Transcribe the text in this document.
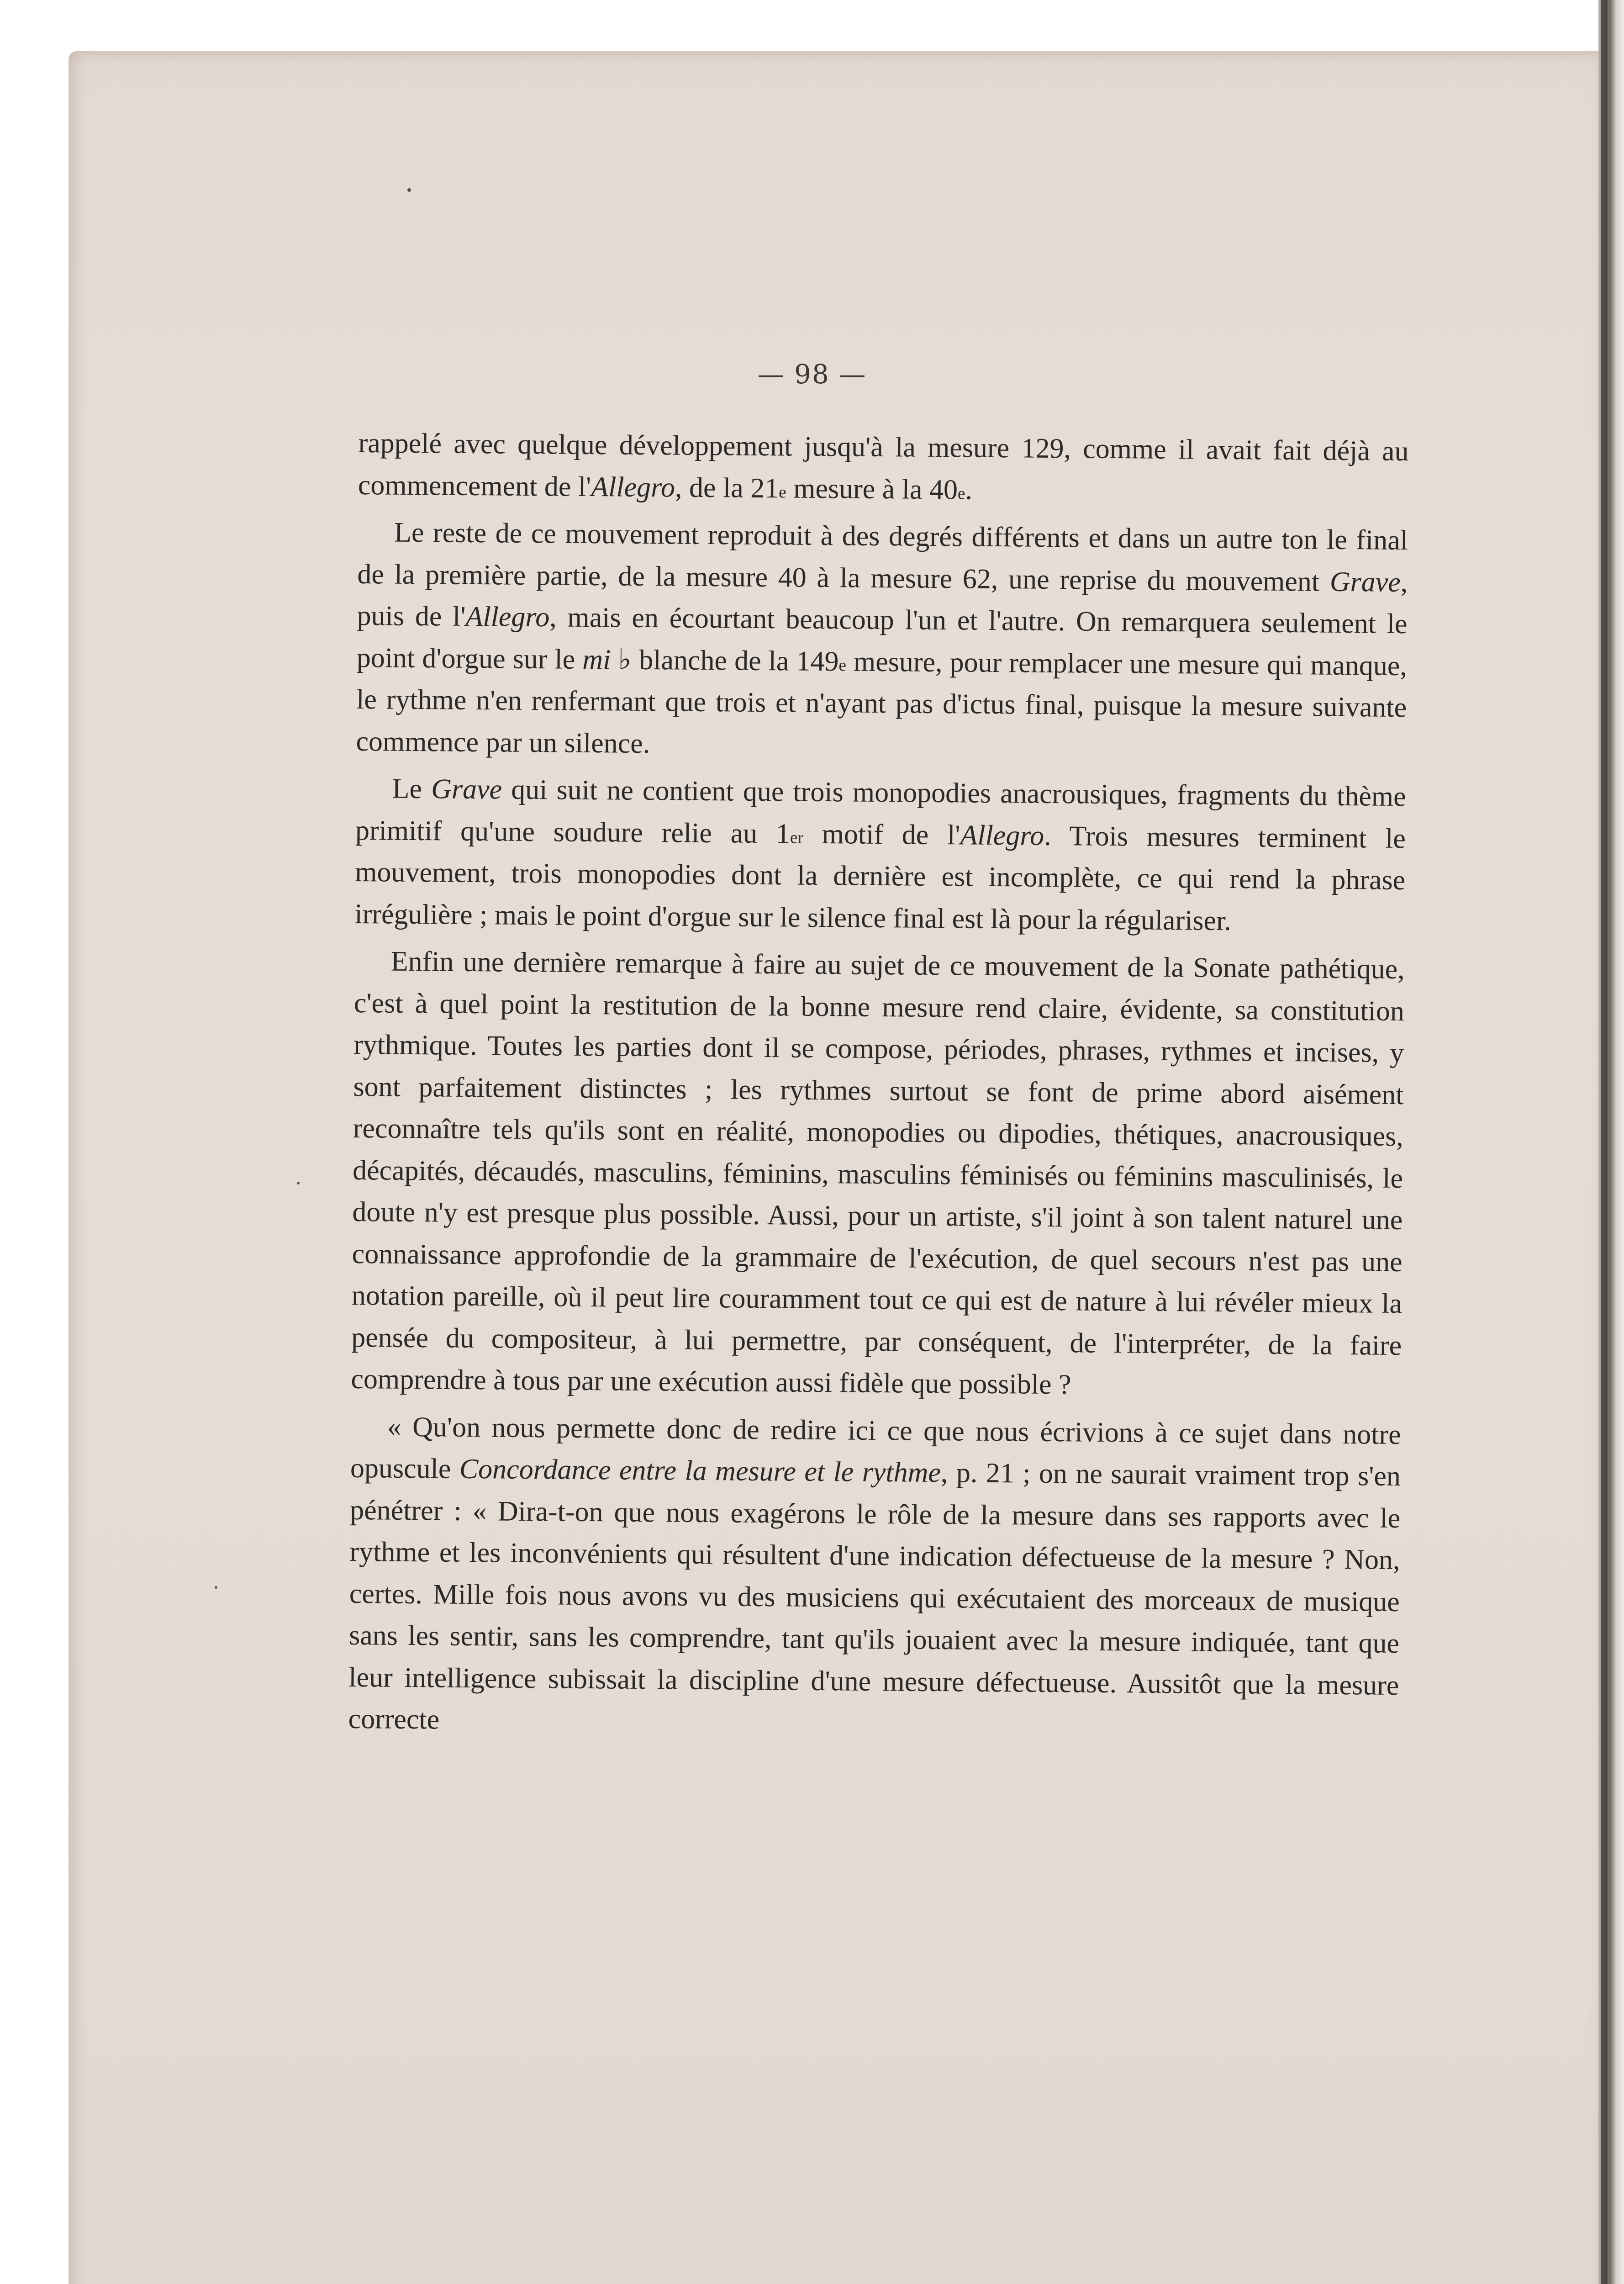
— 98 —

rappelé avec quelque développement jusqu'à la mesure 129, comme il avait fait déjà au commencement de l'Allegro, de la 21e mesure à la 40e.

Le reste de ce mouvement reproduit à des degrés différents et dans un autre ton le final de la première partie, de la mesure 40 à la mesure 62, une reprise du mouvement Grave, puis de l'Allegro, mais en écourtant beaucoup l'un et l'autre. On remarquera seulement le point d'orgue sur le mi ♭ blanche de la 149e mesure, pour remplacer une mesure qui manque, le rythme n'en renfermant que trois et n'ayant pas d'ictus final, puisque la mesure suivante commence par un silence.

Le Grave qui suit ne contient que trois monopodies anacrousiques, fragments du thème primitif qu'une soudure relie au 1er motif de l'Allegro. Trois mesures terminent le mouvement, trois monopodies dont la dernière est incomplète, ce qui rend la phrase irrégulière ; mais le point d'orgue sur le silence final est là pour la régulariser.

Enfin une dernière remarque à faire au sujet de ce mouvement de la Sonate pathétique, c'est à quel point la restitution de la bonne mesure rend claire, évidente, sa constitution rythmique. Toutes les parties dont il se compose, périodes, phrases, rythmes et incises, y sont parfaitement distinctes ; les rythmes surtout se font de prime abord aisément reconnaître tels qu'ils sont en réalité, monopodies ou dipodies, thétiques, anacrousiques, décapités, décaudés, masculins, féminins, masculins féminisés ou féminins masculinisés, le doute n'y est presque plus possible. Aussi, pour un artiste, s'il joint à son talent naturel une connaissance approfondie de la grammaire de l'exécution, de quel secours n'est pas une notation pareille, où il peut lire couramment tout ce qui est de nature à lui révéler mieux la pensée du compositeur, à lui permettre, par conséquent, de l'interpréter, de la faire comprendre à tous par une exécution aussi fidèle que possible ?

« Qu'on nous permette donc de redire ici ce que nous écrivions à ce sujet dans notre opuscule Concordance entre la mesure et le rythme, p. 21 ; on ne saurait vraiment trop s'en pénétrer : « Dira-t-on que nous exagérons le rôle de la mesure dans ses rapports avec le rythme et les inconvénients qui résultent d'une indication défectueuse de la mesure ? Non, certes. Mille fois nous avons vu des musiciens qui exécutaient des morceaux de musique sans les sentir, sans les comprendre, tant qu'ils jouaient avec la mesure indiquée, tant que leur intelligence subissait la discipline d'une mesure défectueuse. Aussitôt que la mesure correcte
